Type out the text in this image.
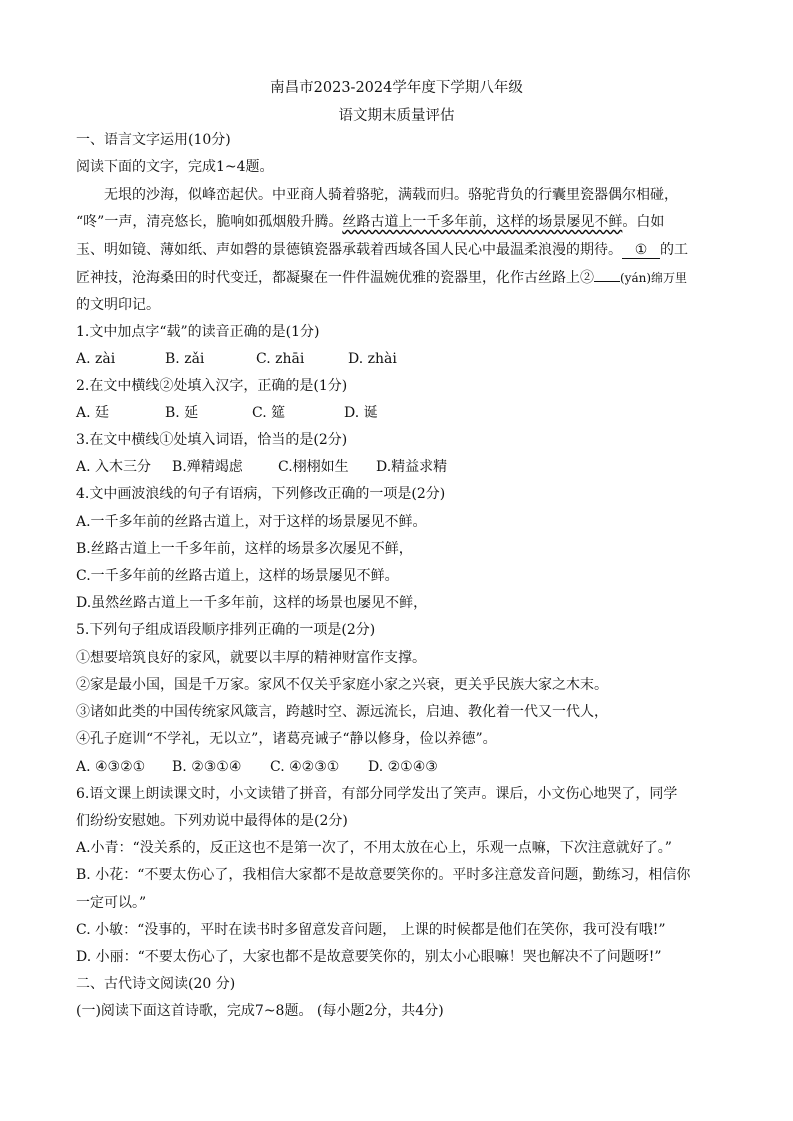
南昌市2023-2024学年度下学期八年级
语文期末质量评估
一、语言文字运用(10分)
阅读下面的文字，完成1~4题。
无垠的沙海，似峰峦起伏。中亚商人骑着骆驼，满载而归。骆驼背负的行囊里瓷器偶尔相碰，
“咚”一声，清亮悠长，脆响如孤烟般升腾。丝路古道上一千多年前，这样的场景屡见不鲜。白如
玉、明如镜、薄如纸、声如磬的景德镇瓷器承载着西域各国人民心中最温柔浪漫的期待。 ① 的工
匠神技，沧海桑田的时代变迁，都凝聚在一件件温婉优雅的瓷器里，化作古丝路上② (yán)绵万里
的文明印记。
1.文中加点字“载”的读音正确的是(1分)
A. zài	B. zǎi	C. zhāi	D. zhài
2.在文中横线②处填入汉字，正确的是(1分)
A. 廷	B. 延	C. 筵	D. 诞
3.在文中横线①处填入词语，恰当的是(2分)
A. 入木三分 B.殚精竭虑	C.栩栩如生 D.精益求精
4.文中画波浪线的句子有语病，下列修改正确的一项是(2分)
A.一千多年前的丝路古道上，对于这样的场景屡见不鲜。
B.丝路古道上一千多年前，这样的场景多次屡见不鲜，
C.一千多年前的丝路古道上，这样的场景屡见不鲜。
D.虽然丝路古道上一千多年前，这样的场景也屡见不鲜，
5.下列句子组成语段顺序排列正确的一项是(2分)
①想要培筑良好的家风，就要以丰厚的精神财富作支撑。
②家是最小国，国是千万家。家风不仅关乎家庭小家之兴衰，更关乎民族大家之木末。
③诸如此类的中国传统家风箴言，跨越时空、源远流长，启迪、教化着一代又一代人，
④孔子庭训“不学礼，无以立”，诸葛亮诫子“静以修身，俭以养德”。
A. ④③②① B. ②③①④ C. ④②③① D. ②①④③
6.语文课上朗读课文时，小文读错了拼音，有部分同学发出了笑声。课后，小文伤心地哭了，同学
们纷纷安慰她。下列劝说中最得体的是(2分)
A.小青：“没关系的，反正这也不是第一次了，不用太放在心上，乐观一点嘛，下次注意就好了。”
B. 小花：“不要太伤心了，我相信大家都不是故意要笑你的。平时多注意发音问题，勤练习，相信你
一定可以。”
C. 小敏：“没事的，平时在读书时多留意发音问题， 上课的时候都是他们在笑你，我可没有哦!”
D. 小丽：“不要太伤心了，大家也都不是故意要笑你的，别太小心眼嘛！哭也解决不了问题呀!”
二、古代诗文阅读(20 分)
(一)阅读下面这首诗歌，完成7~8题。 (每小题2分，共4分)
